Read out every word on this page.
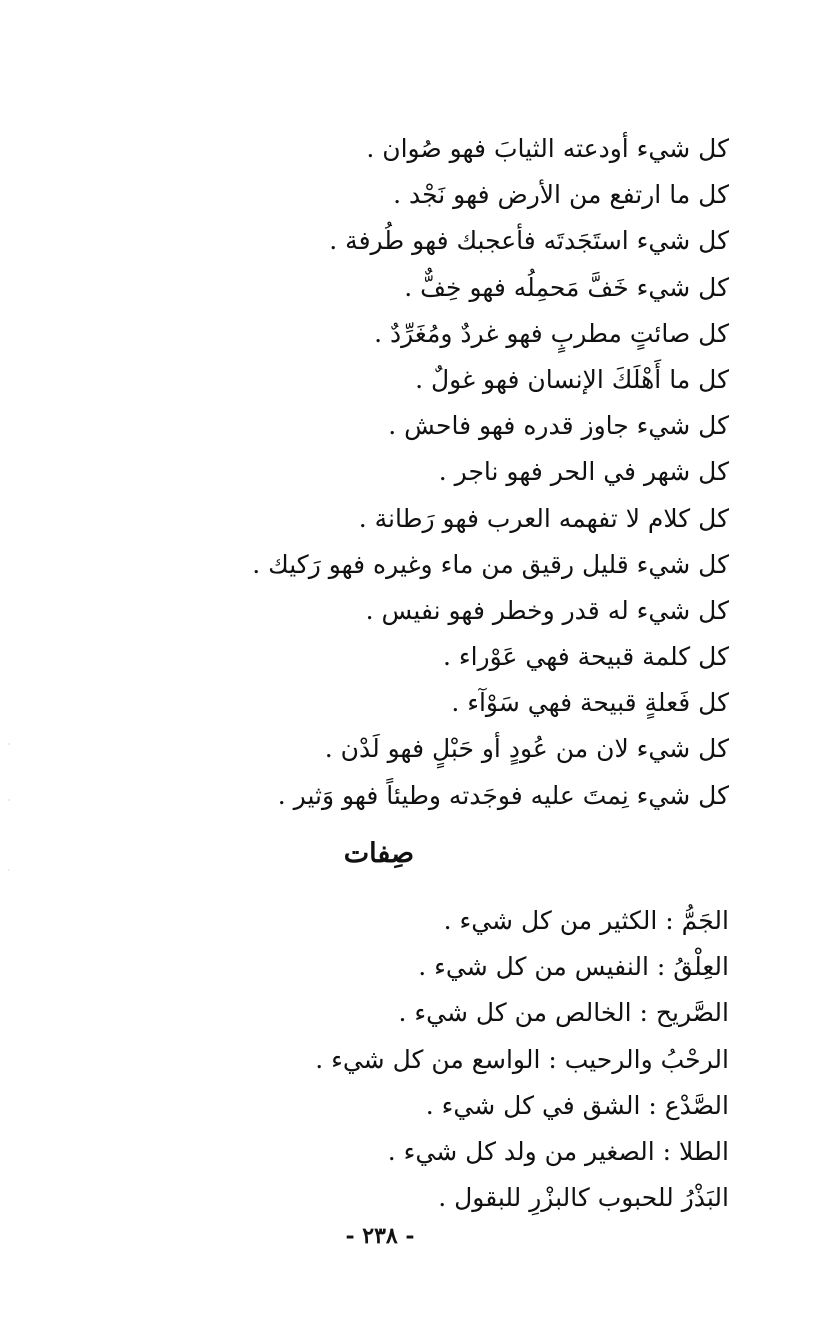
كل شيء أودعته الثيابَ فهو صُوان .
كل ما ارتفع من الأرض فهو نَجْد .
كل شيء استَجَدتَه فأعجبك فهو طُرفة .
كل شيء خَفَّ مَحمِلُه فهو خِفٌّ .
كل صائتٍ مطربٍ فهو غردٌ ومُغَرِّدٌ .
كل ما أَهْلَكَ الإنسان فهو غولٌ .
كل شيء جاوز قدره فهو فاحش .
كل شهر في الحر فهو ناجر .
كل كلام لا تفهمه العرب فهو رَطانة .
كل شيء قليل رقيق من ماء وغيره فهو رَكيك .
كل شيء له قدر وخطر فهو نفيس .
كل كلمة قبيحة فهي عَوْراء .
كل فَعلةٍ قبيحة فهي سَوْآء .
كل شيء لان من عُودٍ أو حَبْلٍ فهو لَدْن .
كل شيء نِمتَ عليه فوجَدته وطيئاً فهو وَثير .
صِفات
الجَمُّ : الكثير من كل شيء .
العِلْقُ : النفيس من كل شيء .
الصَّريح : الخالص من كل شيء .
الرحْبُ والرحيب : الواسع من كل شيء .
الصَّدْع : الشق في كل شيء .
الطلا : الصغير من ولد كل شيء .
البَذْرُ للحبوب كالبزْرِ للبقول .
- ٢٣٨ -
